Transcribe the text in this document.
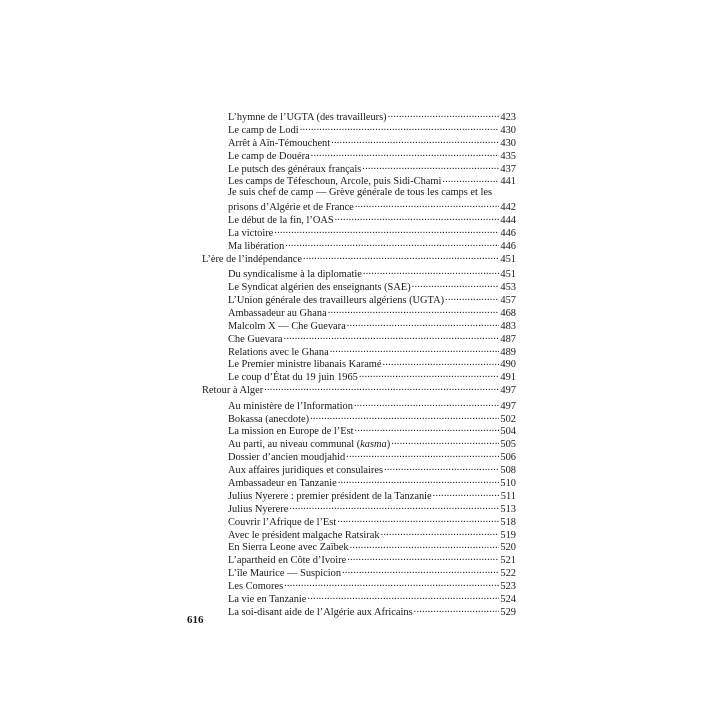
L’hymne de l’UGTA (des travailleurs) .....	423
Le camp de Lodi .....	430
Arrêt à Aïn-Témouchent .....	430
Le camp de Douéra .....	435
Le putsch des généraux français .....	437
Les camps de Téfeschoun, Arcole, puis Sidi-Chami .....	441
Je suis chef de camp — Grève générale de tous les camps et les
prisons d’Algérie et de France .....	442
Le début de la fin, l’OAS .....	444
La victoire .....	446
Ma libération .....	446
L’ère de l’indépendance .....	451
Du syndicalisme à la diplomatie .....	451
Le Syndicat algérien des enseignants (SAE) .....	453
L’Union générale des travailleurs algériens (UGTA) .....	457
Ambassadeur au Ghana .....	468
Malcolm X — Che Guevara .....	483
Che Guevara .....	487
Relations avec le Ghana .....	489
Le Premier ministre libanais Karamé .....	490
Le coup d’État du 19 juin 1965 .....	491
Retour à Alger .....	497
Au ministère de l’Information .....	497
Bokassa (anecdote) .....	502
La mission en Europe de l’Est .....	504
Au parti, au niveau communal (kasma) .....	505
Dossier d’ancien moudjahid .....	506
Aux affaires juridiques et consulaires .....	508
Ambassadeur en Tanzanie .....	510
Julius Nyerere : premier président de la Tanzanie .....	511
Julius Nyerere .....	513
Couvrir l’Afrique de l’Est .....	518
Avec le président malgache Ratsirak .....	519
En Sierra Leone avec Zaïbek .....	520
L’apartheid en Côte d’Ivoire .....	521
L’île Maurice — Suspicion .....	522
Les Comores .....	523
La vie en Tanzanie .....	524
La soi-disant aide de l’Algérie aux Africains .....	529
616
